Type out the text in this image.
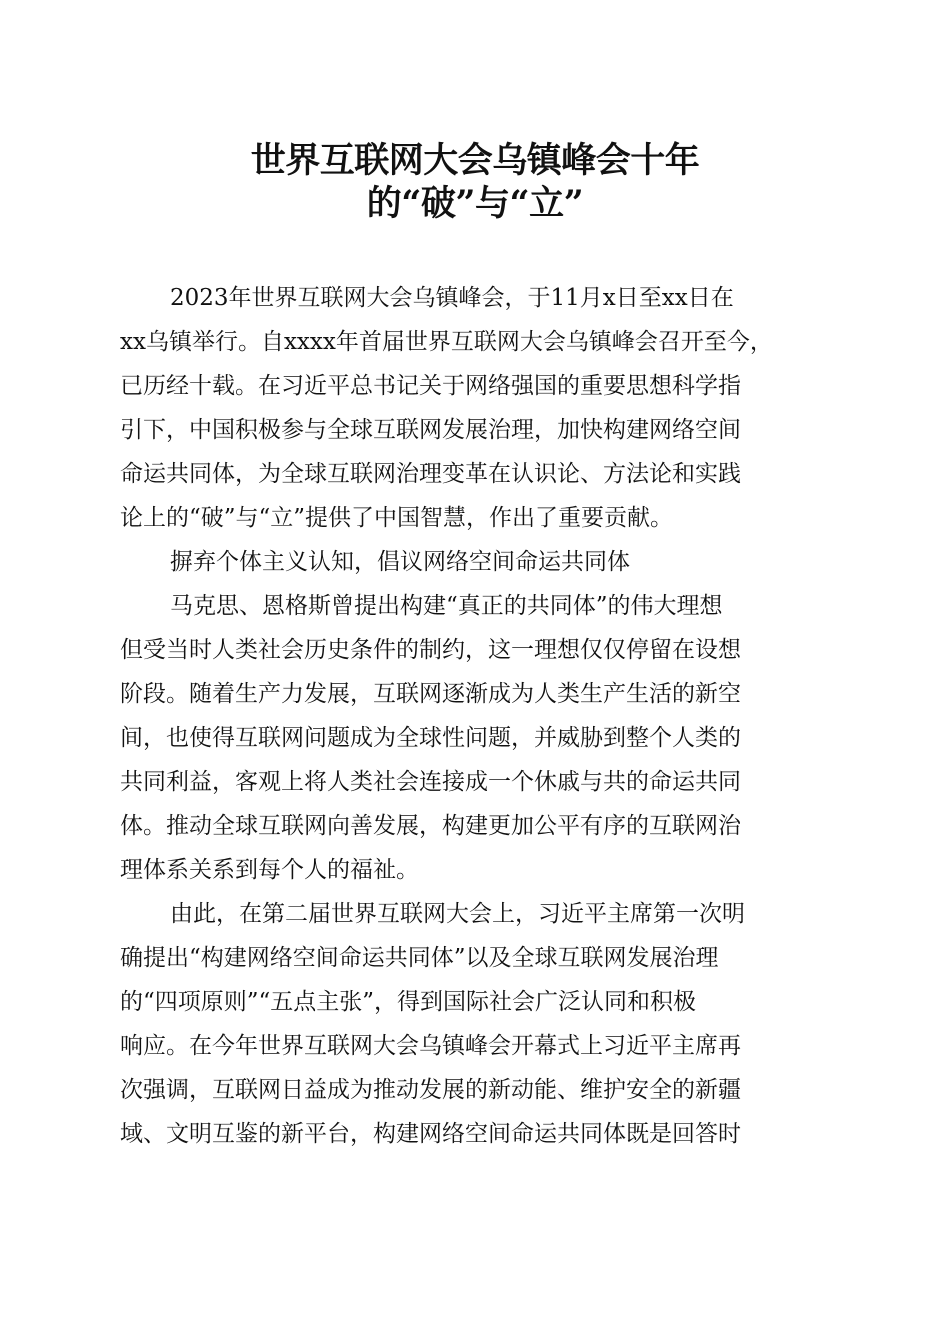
世界互联网大会乌镇峰会十年
的“破”与“立”
2023年世界互联网大会乌镇峰会，于11月x日至xx日在
xx乌镇举行。自xxxx年首届世界互联网大会乌镇峰会召开至今，
已历经十载。在习近平总书记关于网络强国的重要思想科学指
引下，中国积极参与全球互联网发展治理，加快构建网络空间
命运共同体，为全球互联网治理变革在认识论、方法论和实践
论上的“破”与“立”提供了中国智慧，作出了重要贡献。
摒弃个体主义认知，倡议网络空间命运共同体
马克思、恩格斯曾提出构建“真正的共同体”的伟大理想
但受当时人类社会历史条件的制约，这一理想仅仅停留在设想
阶段。随着生产力发展，互联网逐渐成为人类生产生活的新空
间，也使得互联网问题成为全球性问题，并威胁到整个人类的
共同利益，客观上将人类社会连接成一个休戚与共的命运共同
体。推动全球互联网向善发展，构建更加公平有序的互联网治
理体系关系到每个人的福祉。
由此，在第二届世界互联网大会上，习近平主席第一次明
确提出“构建网络空间命运共同体”以及全球互联网发展治理
的“四项原则”“五点主张”，得到国际社会广泛认同和积极
响应。在今年世界互联网大会乌镇峰会开幕式上习近平主席再
次强调，互联网日益成为推动发展的新动能、维护安全的新疆
域、文明互鉴的新平台，构建网络空间命运共同体既是回答时
